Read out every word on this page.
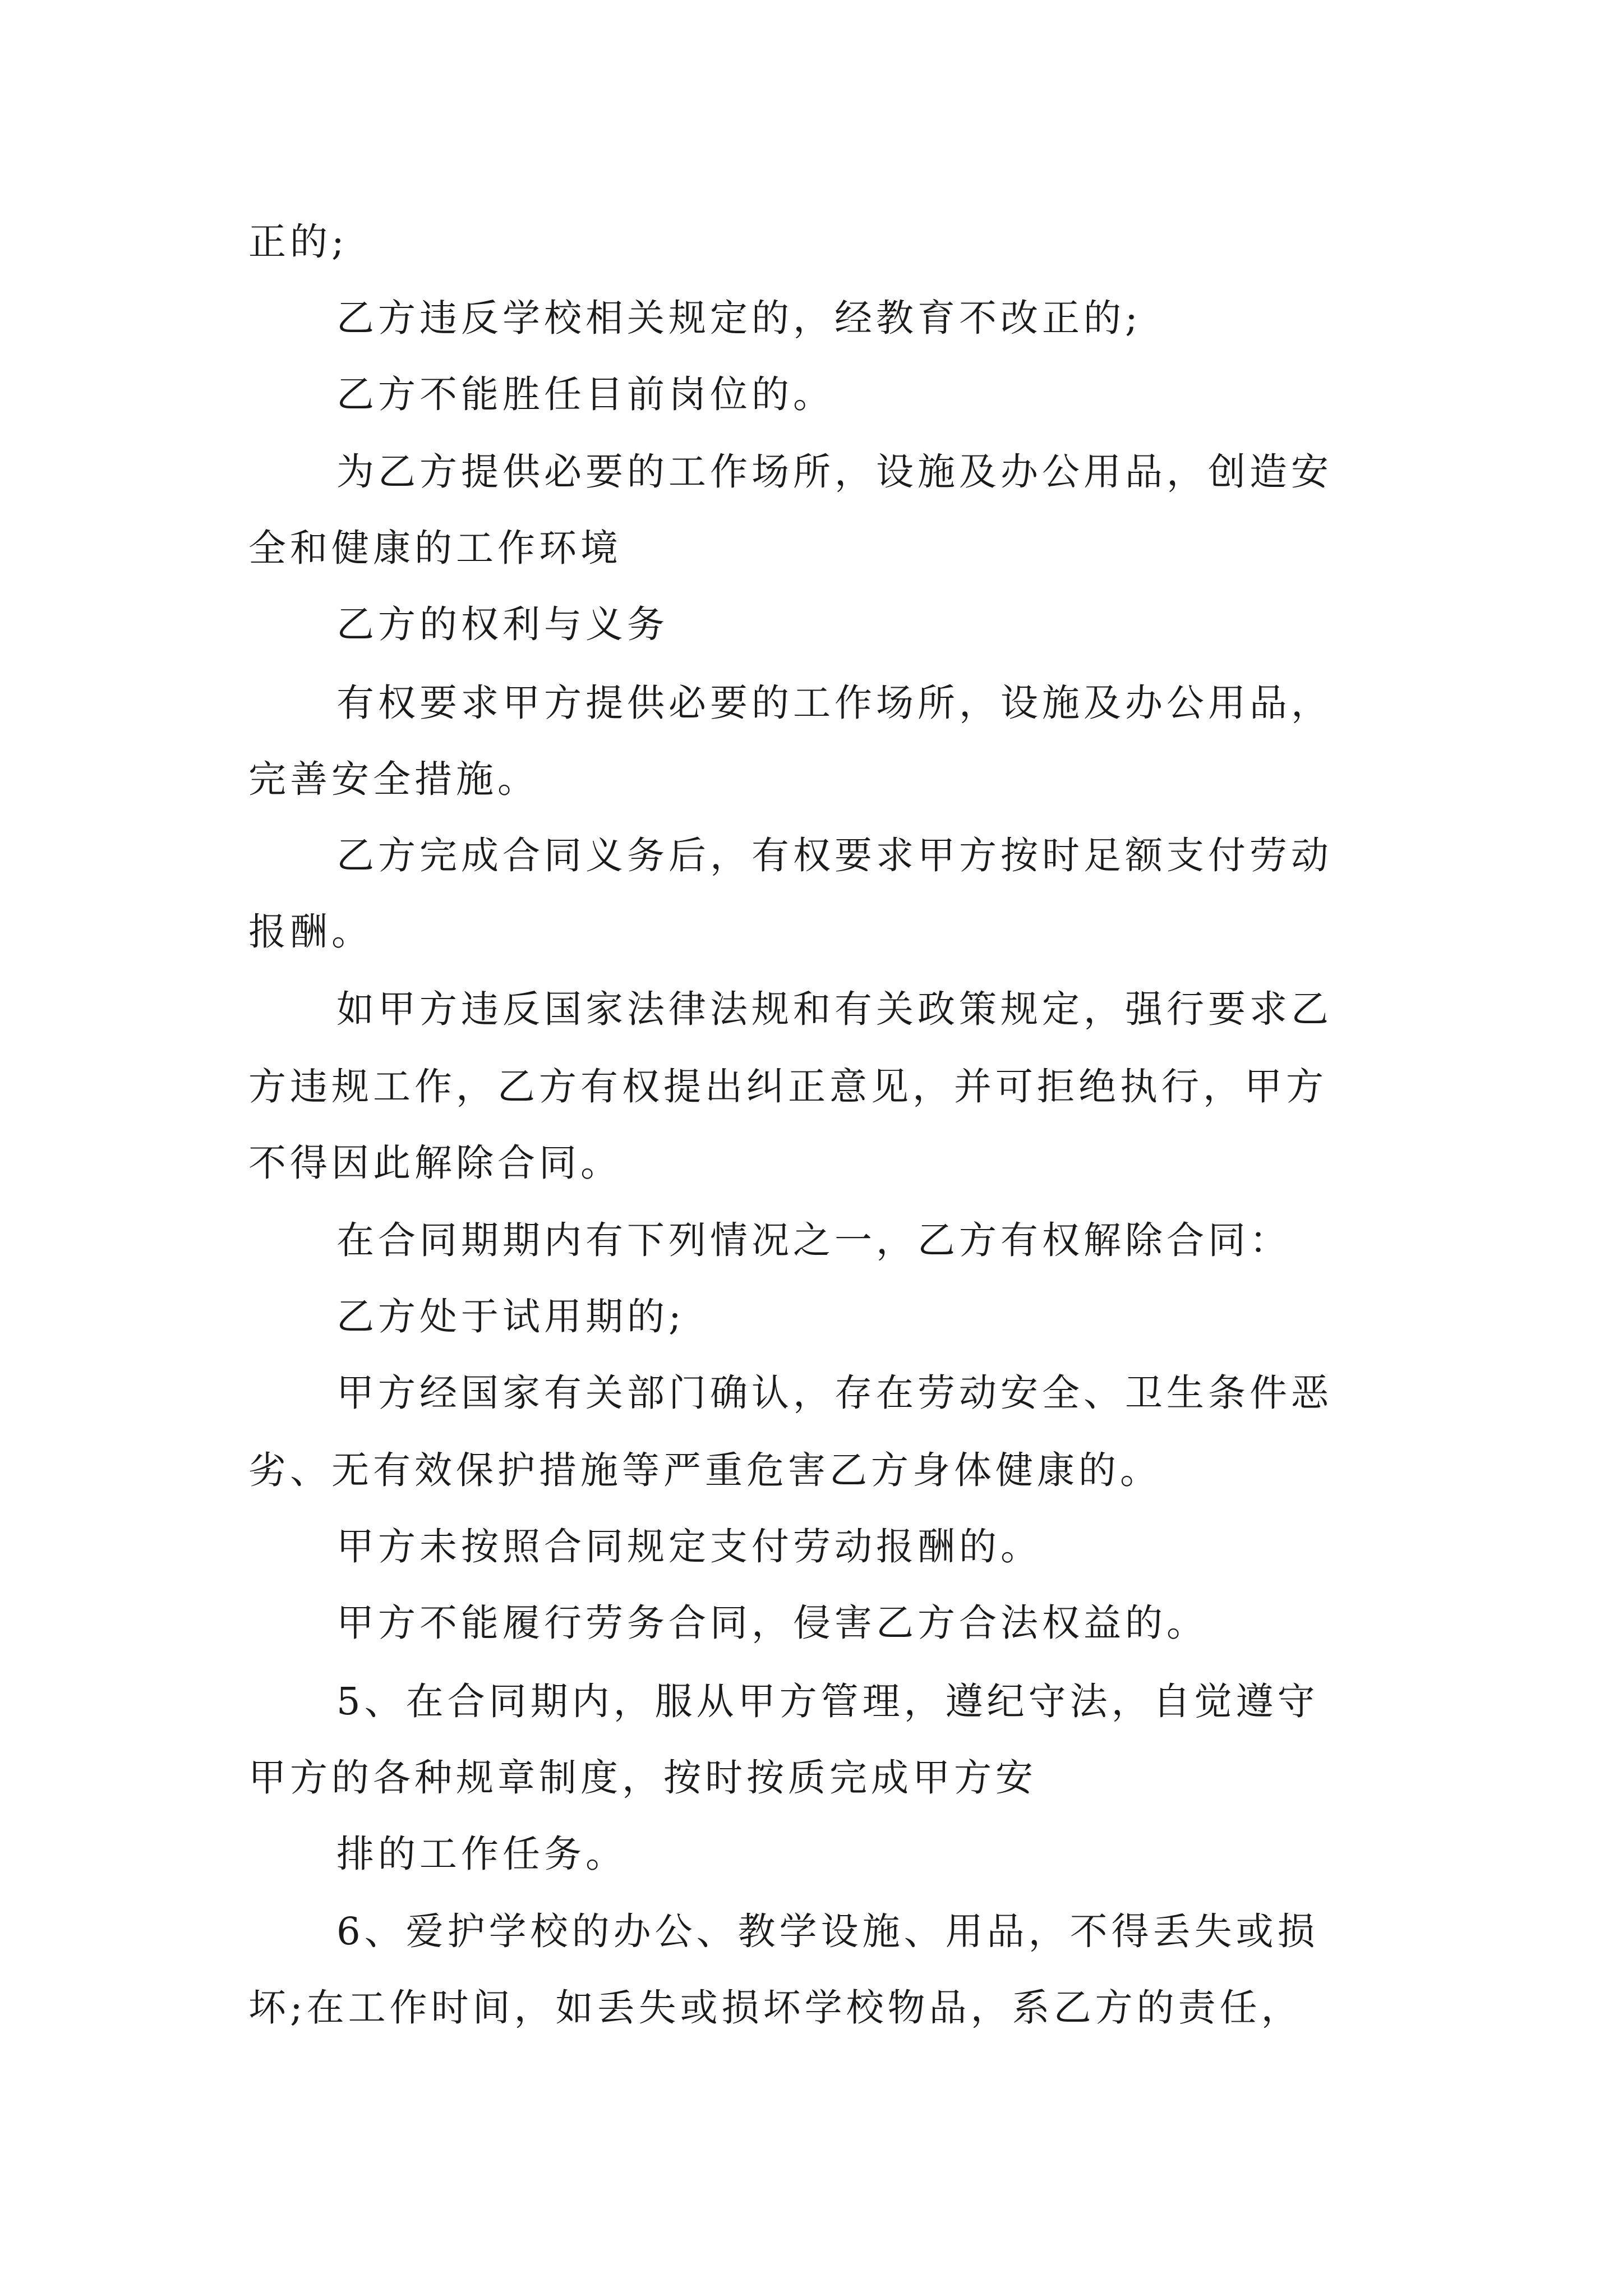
正的;

乙方违反学校相关规定的，经教育不改正的;

乙方不能胜任目前岗位的。

为乙方提供必要的工作场所，设施及办公用品，创造安

全和健康的工作环境

乙方的权利与义务

有权要求甲方提供必要的工作场所，设施及办公用品，

完善安全措施。

乙方完成合同义务后，有权要求甲方按时足额支付劳动

报酬。

如甲方违反国家法律法规和有关政策规定，强行要求乙

方违规工作，乙方有权提出纠正意见，并可拒绝执行，甲方

不得因此解除合同。

在合同期期内有下列情况之一，乙方有权解除合同：

乙方处于试用期的;

甲方经国家有关部门确认，存在劳动安全、卫生条件恶

劣、无有效保护措施等严重危害乙方身体健康的。

甲方未按照合同规定支付劳动报酬的。

甲方不能履行劳务合同，侵害乙方合法权益的。

5、在合同期内，服从甲方管理，遵纪守法，自觉遵守

甲方的各种规章制度，按时按质完成甲方安

排的工作任务。

6、爱护学校的办公、教学设施、用品，不得丢失或损

坏;在工作时间，如丢失或损坏学校物品，系乙方的责任，
